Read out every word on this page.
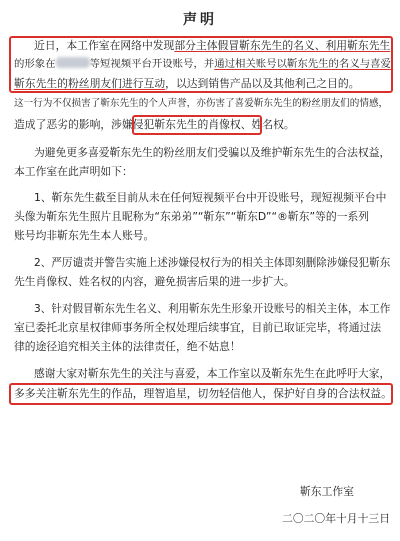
声明
近日，本工作室在网络中发现部分主体假冒靳东先生的名义、利用靳东先生
的形象在	等短视频平台开设账号，并通过相关账号以靳东先生的名义与喜爱
靳东先生的粉丝朋友们进行互动，以达到销售产品以及其他利己之目的。
这一行为不仅损害了靳东先生的个人声誉，亦伤害了喜爱靳东先生的粉丝朋友们的情感，
造成了恶劣的影响，涉嫌侵犯靳东先生的肖像权、姓名权。
为避免更多喜爱靳东先生的粉丝朋友们受骗以及维护靳东先生的合法权益，
本工作室在此声明如下：
1、靳东先生截至目前从未在任何短视频平台中开设账号，现短视频平台中
头像为靳东先生照片且昵称为“东弟弟”“靳东”“靳东D”“®靳东”等的一系列
账号均非靳东先生本人账号。
2、严厉谴责并警告实施上述涉嫌侵权行为的相关主体即刻删除涉嫌侵犯靳东
先生肖像权、姓名权的内容，避免损害后果的进一步扩大。
3、针对假冒靳东先生名义、利用靳东先生形象开设账号的相关主体，本工作
室已委托北京星权律师事务所全权处理后续事宜，目前已取证完毕，将通过法
律的途径追究相关主体的法律责任，绝不姑息！
感谢大家对靳东先生的关注与喜爱，本工作室以及靳东先生在此呼吁大家，
多多关注靳东先生的作品，理智追星，切勿轻信他人，保护好自身的合法权益。
靳东工作室
二〇二〇年十月十三日
